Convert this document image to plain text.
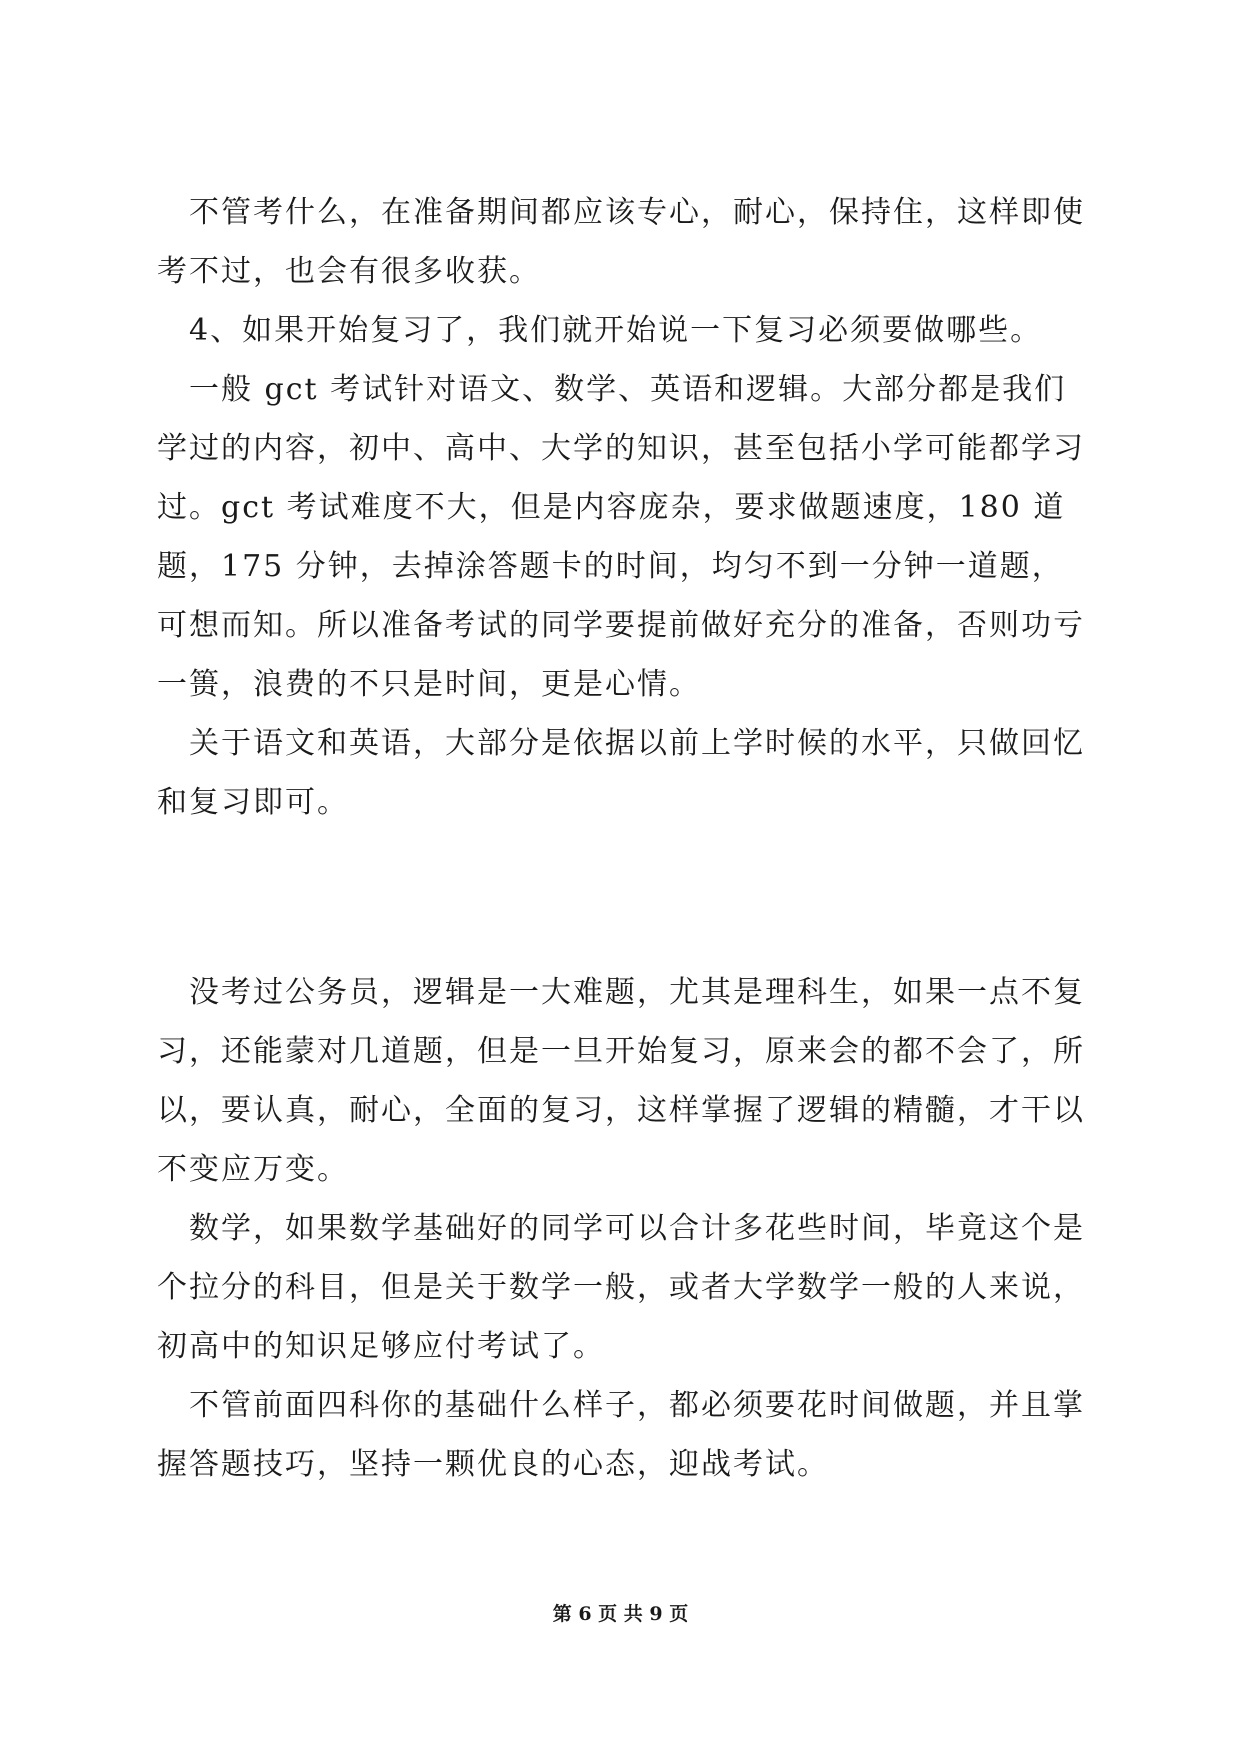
不管考什么，在准备期间都应该专心，耐心，保持住，这样即使考不过，也会有很多收获。

4、如果开始复习了，我们就开始说一下复习必须要做哪些。

一般 gct 考试针对语文、数学、英语和逻辑。大部分都是我们学过的内容，初中、高中、大学的知识，甚至包括小学可能都学习过。gct 考试难度不大，但是内容庞杂，要求做题速度，180 道题，175 分钟，去掉涂答题卡的时间，均匀不到一分钟一道题，可想而知。所以准备考试的同学要提前做好充分的准备，否则功亏一篑，浪费的不只是时间，更是心情。

关于语文和英语，大部分是依据以前上学时候的水平，只做回忆和复习即可。

没考过公务员，逻辑是一大难题，尤其是理科生，如果一点不复习，还能蒙对几道题，但是一旦开始复习，原来会的都不会了，所以，要认真，耐心，全面的复习，这样掌握了逻辑的精髓，才干以不变应万变。

数学，如果数学基础好的同学可以合计多花些时间，毕竟这个是个拉分的科目，但是关于数学一般，或者大学数学一般的人来说，初高中的知识足够应付考试了。

不管前面四科你的基础什么样子，都必须要花时间做题，并且掌握答题技巧，坚持一颗优良的心态，迎战考试。

第 6 页 共 9 页
